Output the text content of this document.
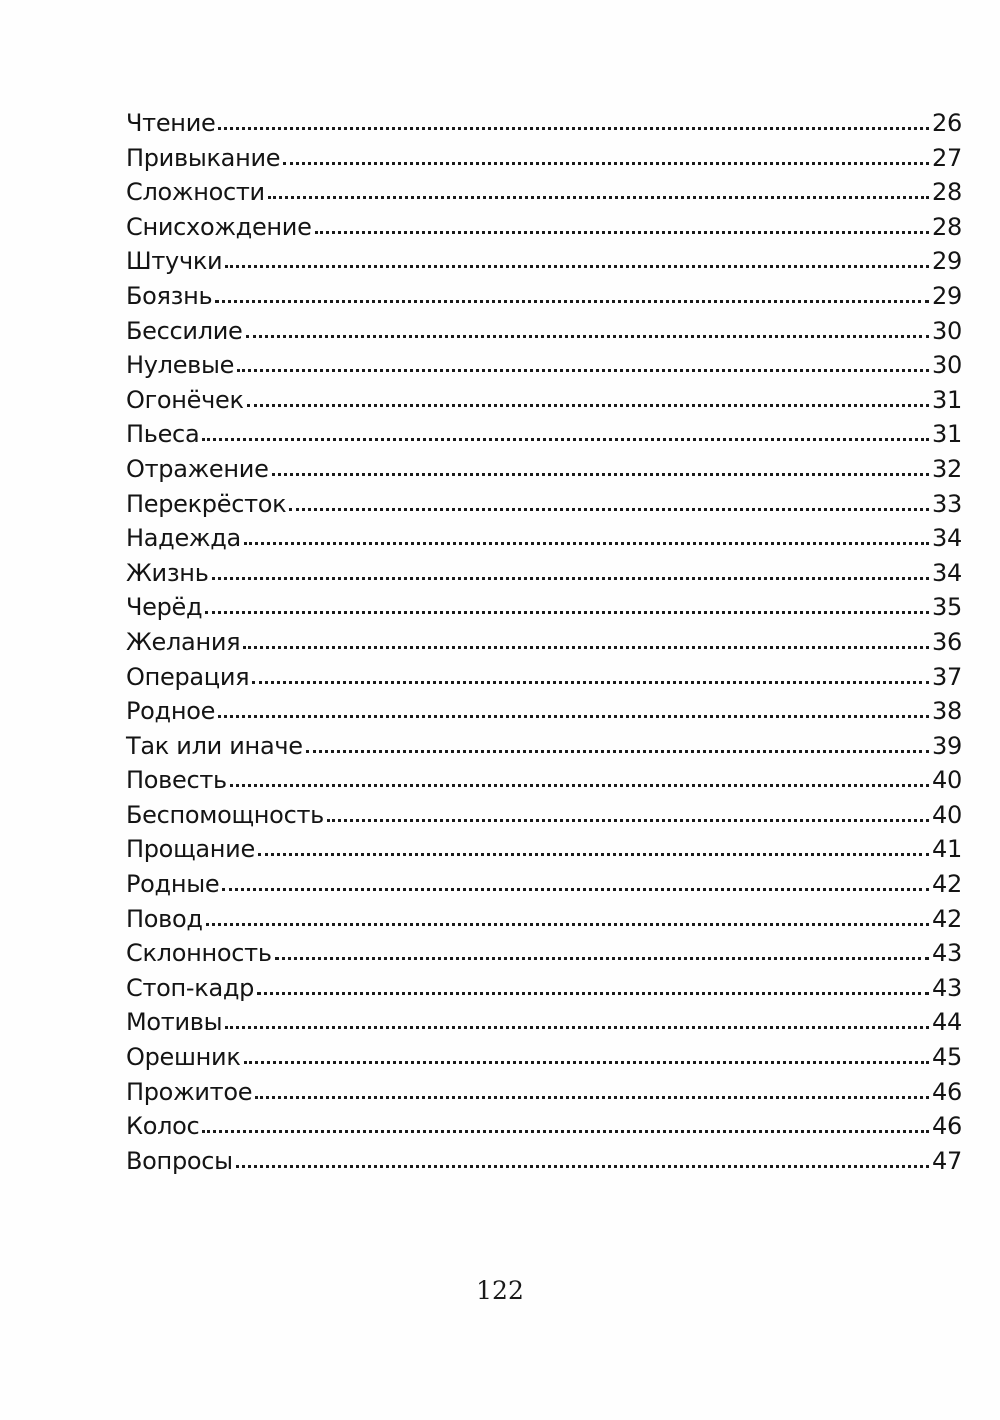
Чтение	26
Привыкание	27
Сложности	28
Снисхождение	28
Штучки	29
Боязнь	29
Бессилие	30
Нулевые	30
Огонёчек	31
Пьеса	31
Отражение	32
Перекрёсток	33
Надежда	34
Жизнь	34
Черёд	35
Желания	36
Операция	37
Родное	38
Так или иначе	39
Повесть	40
Беспомощность	40
Прощание	41
Родные	42
Повод	42
Склонность	43
Стоп-кадр	43
Мотивы	44
Орешник	45
Прожитое	46
Колос	46
Вопросы	47
122
